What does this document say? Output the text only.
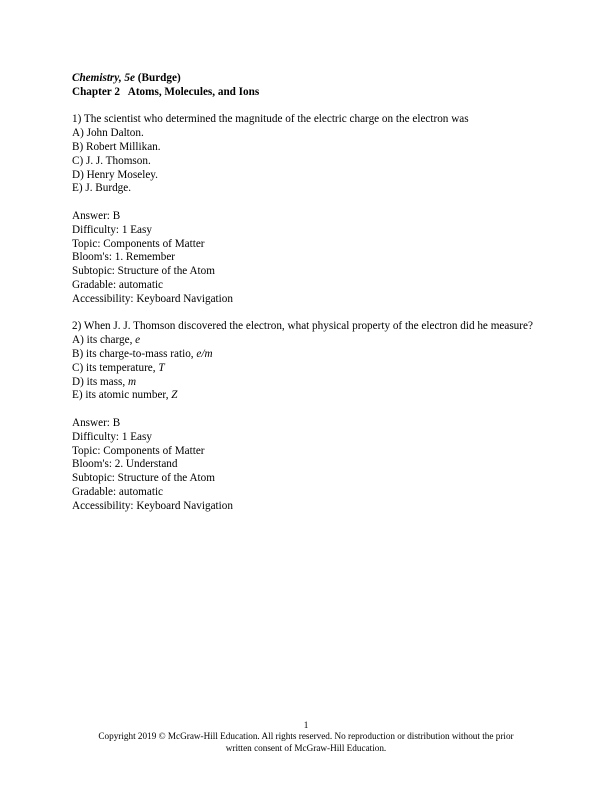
Chemistry, 5e (Burdge)
Chapter 2 Atoms, Molecules, and Ions
1) The scientist who determined the magnitude of the electric charge on the electron was
A) John Dalton.
B) Robert Millikan.
C) J. J. Thomson.
D) Henry Moseley.
E) J. Burdge.
Answer: B
Difficulty: 1 Easy
Topic: Components of Matter
Bloom's: 1. Remember
Subtopic: Structure of the Atom
Gradable: automatic
Accessibility: Keyboard Navigation
2) When J. J. Thomson discovered the electron, what physical property of the electron did he measure?
A) its charge, e
B) its charge-to-mass ratio, e/m
C) its temperature, T
D) its mass, m
E) its atomic number, Z
Answer: B
Difficulty: 1 Easy
Topic: Components of Matter
Bloom's: 2. Understand
Subtopic: Structure of the Atom
Gradable: automatic
Accessibility: Keyboard Navigation
1
Copyright 2019 © McGraw-Hill Education. All rights reserved. No reproduction or distribution without the prior
written consent of McGraw-Hill Education.
